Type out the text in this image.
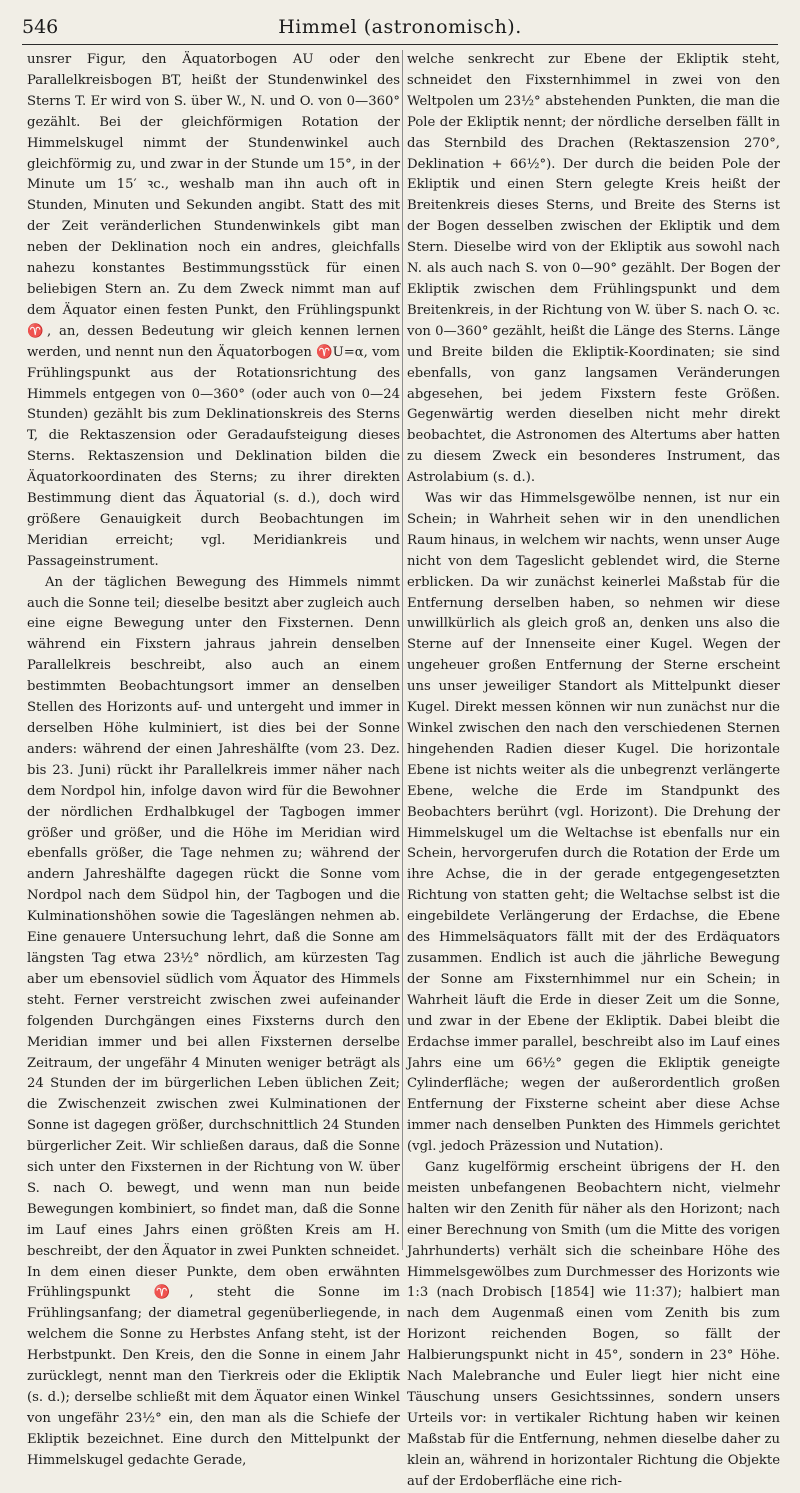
546	Himmel (astronomisch).

unsrer Figur, den Äquatorbogen AU oder den Parallelkreisbogen BT, heißt der Stundenwinkel des Sterns T. Er wird von S. über W., N. und O. von 0—360° gezählt. Bei der gleichförmigen Rotation der Himmelskugel nimmt der Stundenwinkel auch gleichförmig zu, und zwar in der Stunde um 15°, in der Minute um 15′ ꝛc., weshalb man ihn auch oft in Stunden, Minuten und Sekunden angibt. Statt des mit der Zeit veränderlichen Stundenwinkels gibt man neben der Deklination noch ein andres, gleichfalls nahezu konstantes Bestimmungsstück für einen beliebigen Stern an. Zu dem Zweck nimmt man auf dem Äquator einen festen Punkt, den Frühlingspunkt ♈, an, dessen Bedeutung wir gleich kennen lernen werden, und nennt nun den Äquatorbogen ♈U=α, vom Frühlingspunkt aus der Rotationsrichtung des Himmels entgegen von 0—360° (oder auch von 0—24 Stunden) gezählt bis zum Deklinationskreis des Sterns T, die Rektaszension oder Geradaufsteigung dieses Sterns. Rektaszension und Deklination bilden die Äquatorkoordinaten des Sterns; zu ihrer direkten Bestimmung dient das Äquatorial (s. d.), doch wird größere Genauigkeit durch Beobachtungen im Meridian erreicht; vgl. Meridiankreis und Passageinstrument.

An der täglichen Bewegung des Himmels nimmt auch die Sonne teil; dieselbe besitzt aber zugleich auch eine eigne Bewegung unter den Fixsternen. Denn während ein Fixstern jahraus jahrein denselben Parallelkreis beschreibt, also auch an einem bestimmten Beobachtungsort immer an denselben Stellen des Horizonts auf- und untergeht und immer in derselben Höhe kulminiert, ist dies bei der Sonne anders: während der einen Jahreshälfte (vom 23. Dez. bis 23. Juni) rückt ihr Parallelkreis immer näher nach dem Nordpol hin, infolge davon wird für die Bewohner der nördlichen Erdhalbkugel der Tagbogen immer größer und größer, und die Höhe im Meridian wird ebenfalls größer, die Tage nehmen zu; während der andern Jahreshälfte dagegen rückt die Sonne vom Nordpol nach dem Südpol hin, der Tagbogen und die Kulminationshöhen sowie die Tageslängen nehmen ab. Eine genauere Untersuchung lehrt, daß die Sonne am längsten Tag etwa 23½° nördlich, am kürzesten Tag aber um ebensoviel südlich vom Äquator des Himmels steht. Ferner verstreicht zwischen zwei aufeinander folgenden Durchgängen eines Fixsterns durch den Meridian immer und bei allen Fixsternen derselbe Zeitraum, der ungefähr 4 Minuten weniger beträgt als 24 Stunden der im bürgerlichen Leben üblichen Zeit; die Zwischenzeit zwischen zwei Kulminationen der Sonne ist dagegen größer, durchschnittlich 24 Stunden bürgerlicher Zeit. Wir schließen daraus, daß die Sonne sich unter den Fixsternen in der Richtung von W. über S. nach O. bewegt, und wenn man nun beide Bewegungen kombiniert, so findet man, daß die Sonne im Lauf eines Jahrs einen größten Kreis am H. beschreibt, der den Äquator in zwei Punkten schneidet. In dem einen dieser Punkte, dem oben erwähnten Frühlingspunkt ♈, steht die Sonne im Frühlingsanfang; der diametral gegenüberliegende, in welchem die Sonne zu Herbstes Anfang steht, ist der Herbstpunkt. Den Kreis, den die Sonne in einem Jahr zurücklegt, nennt man den Tierkreis oder die Ekliptik (s. d.); derselbe schließt mit dem Äquator einen Winkel von ungefähr 23½° ein, den man als die Schiefe der Ekliptik bezeichnet. Eine durch den Mittelpunkt der Himmelskugel gedachte Gerade,

welche senkrecht zur Ebene der Ekliptik steht, schneidet den Fixsternhimmel in zwei von den Weltpolen um 23½° abstehenden Punkten, die man die Pole der Ekliptik nennt; der nördliche derselben fällt in das Sternbild des Drachen (Rektaszension 270°, Deklination + 66½°). Der durch die beiden Pole der Ekliptik und einen Stern gelegte Kreis heißt der Breitenkreis dieses Sterns, und Breite des Sterns ist der Bogen desselben zwischen der Ekliptik und dem Stern. Dieselbe wird von der Ekliptik aus sowohl nach N. als auch nach S. von 0—90° gezählt. Der Bogen der Ekliptik zwischen dem Frühlingspunkt und dem Breitenkreis, in der Richtung von W. über S. nach O. ꝛc. von 0—360° gezählt, heißt die Länge des Sterns. Länge und Breite bilden die Ekliptik-Koordinaten; sie sind ebenfalls, von ganz langsamen Veränderungen abgesehen, bei jedem Fixstern feste Größen. Gegenwärtig werden dieselben nicht mehr direkt beobachtet, die Astronomen des Altertums aber hatten zu diesem Zweck ein besonderes Instrument, das Astrolabium (s. d.).

Was wir das Himmelsgewölbe nennen, ist nur ein Schein; in Wahrheit sehen wir in den unendlichen Raum hinaus, in welchem wir nachts, wenn unser Auge nicht von dem Tageslicht geblendet wird, die Sterne erblicken. Da wir zunächst keinerlei Maßstab für die Entfernung derselben haben, so nehmen wir diese unwillkürlich als gleich groß an, denken uns also die Sterne auf der Innenseite einer Kugel. Wegen der ungeheuer großen Entfernung der Sterne erscheint uns unser jeweiliger Standort als Mittelpunkt dieser Kugel. Direkt messen können wir nun zunächst nur die Winkel zwischen den nach den verschiedenen Sternen hingehenden Radien dieser Kugel. Die horizontale Ebene ist nichts weiter als die unbegrenzt verlängerte Ebene, welche die Erde im Standpunkt des Beobachters berührt (vgl. Horizont). Die Drehung der Himmelskugel um die Weltachse ist ebenfalls nur ein Schein, hervorgerufen durch die Rotation der Erde um ihre Achse, die in der gerade entgegengesetzten Richtung von statten geht; die Weltachse selbst ist die eingebildete Verlängerung der Erdachse, die Ebene des Himmelsäquators fällt mit der des Erdäquators zusammen. Endlich ist auch die jährliche Bewegung der Sonne am Fixsternhimmel nur ein Schein; in Wahrheit läuft die Erde in dieser Zeit um die Sonne, und zwar in der Ebene der Ekliptik. Dabei bleibt die Erdachse immer parallel, beschreibt also im Lauf eines Jahrs eine um 66½° gegen die Ekliptik geneigte Cylinderfläche; wegen der außerordentlich großen Entfernung der Fixsterne scheint aber diese Achse immer nach denselben Punkten des Himmels gerichtet (vgl. jedoch Präzession und Nutation).

Ganz kugelförmig erscheint übrigens der H. den meisten unbefangenen Beobachtern nicht, vielmehr halten wir den Zenith für näher als den Horizont; nach einer Berechnung von Smith (um die Mitte des vorigen Jahrhunderts) verhält sich die scheinbare Höhe des Himmelsgewölbes zum Durchmesser des Horizonts wie 1:3 (nach Drobisch [1854] wie 11:37); halbiert man nach dem Augenmaß einen vom Zenith bis zum Horizont reichenden Bogen, so fällt der Halbierungspunkt nicht in 45°, sondern in 23° Höhe. Nach Malebranche und Euler liegt hier nicht eine Täuschung unsers Gesichtssinnes, sondern unsers Urteils vor: in vertikaler Richtung haben wir keinen Maßstab für die Entfernung, nehmen dieselbe daher zu klein an, während in horizontaler Richtung die Objekte auf der Erdoberfläche eine rich-
